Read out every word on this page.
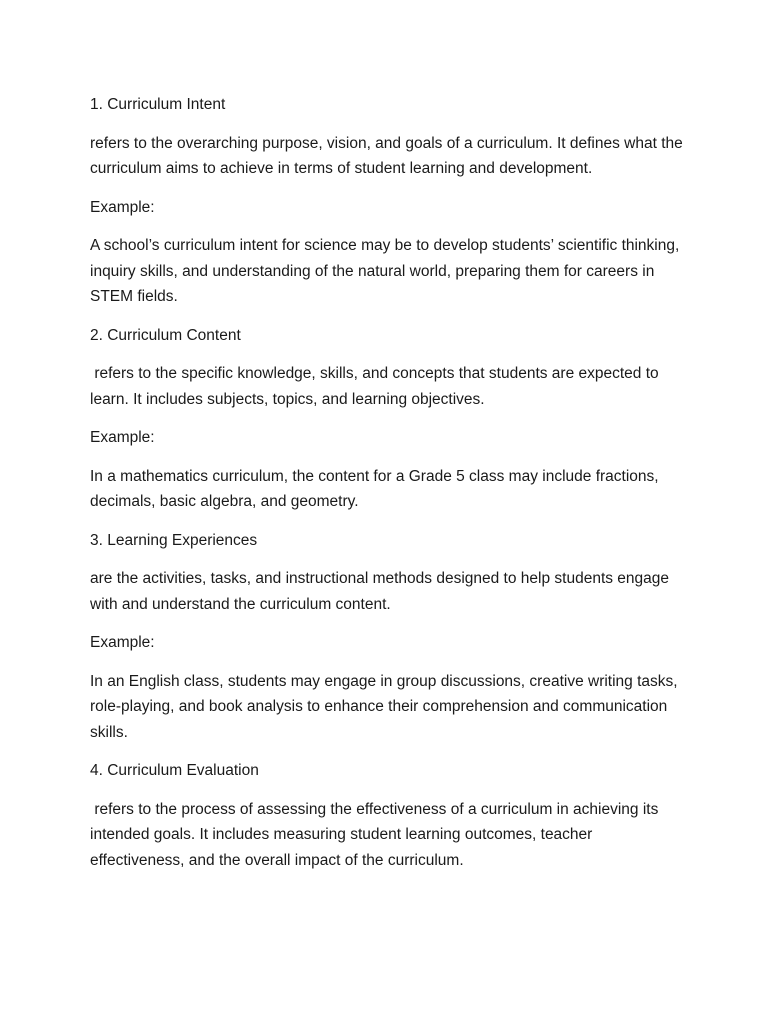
1. Curriculum Intent

refers to the overarching purpose, vision, and goals of a curriculum. It defines what the curriculum aims to achieve in terms of student learning and development.

Example:

A school’s curriculum intent for science may be to develop students’ scientific thinking, inquiry skills, and understanding of the natural world, preparing them for careers in STEM fields.

2. Curriculum Content

refers to the specific knowledge, skills, and concepts that students are expected to learn. It includes subjects, topics, and learning objectives.

Example:

In a mathematics curriculum, the content for a Grade 5 class may include fractions, decimals, basic algebra, and geometry.

3. Learning Experiences

are the activities, tasks, and instructional methods designed to help students engage with and understand the curriculum content.

Example:

In an English class, students may engage in group discussions, creative writing tasks, role-playing, and book analysis to enhance their comprehension and communication skills.

4. Curriculum Evaluation

refers to the process of assessing the effectiveness of a curriculum in achieving its intended goals. It includes measuring student learning outcomes, teacher effectiveness, and the overall impact of the curriculum.
